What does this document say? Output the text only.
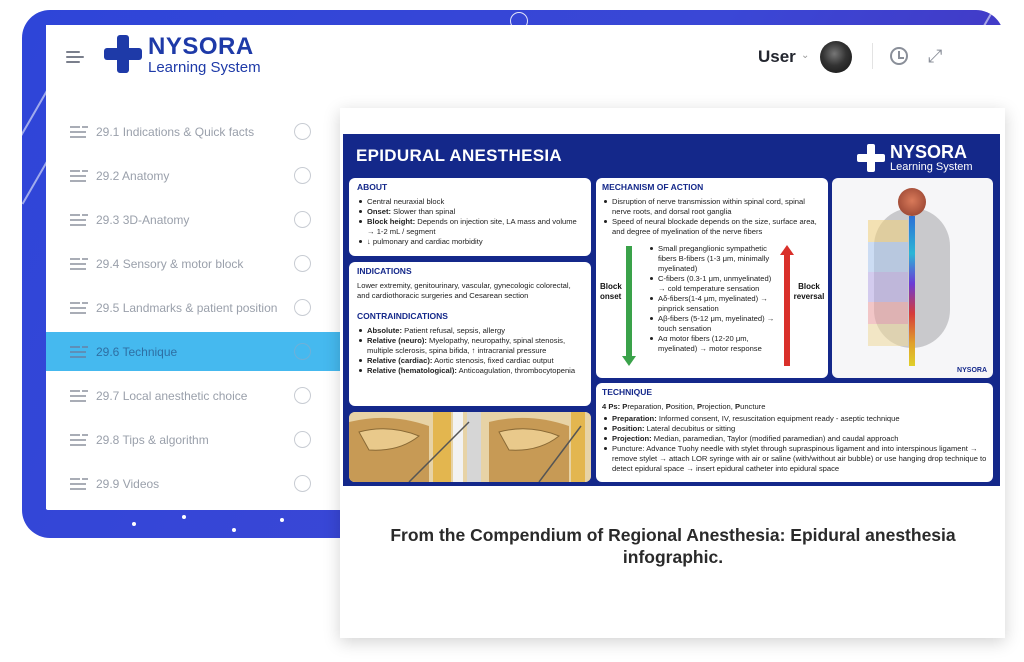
NYSORA
Learning System
User ⌄	⤢
29.1 Indications & Quick facts
29.2 Anatomy
29.3 3D-Anatomy
29.4 Sensory & motor block
29.5 Landmarks & patient position
29.6 Technique
29.7 Local anesthetic choice
29.8 Tips & algorithm
29.9 Videos
EPIDURAL ANESTHESIA	NYSORA
Learning System
ABOUT
Central neuraxial block
Onset: Slower than spinal
Block height: Depends on injection site, LA mass and volume → 1-2 mL / segment
↓ pulmonary and cardiac morbidity
INDICATIONS
Lower extremity, genitourinary, vascular, gynecologic colorectal, and cardiothoracic surgeries and Cesarean section
CONTRAINDICATIONS
Absolute: Patient refusal, sepsis, allergy
Relative (neuro): Myelopathy, neuropathy, spinal stenosis, multiple sclerosis, spina bifida, ↑ intracranial pressure
Relative (cardiac): Aortic stenosis, fixed cardiac output
Relative (hematological): Anticoagulation, thrombocytopenia
MECHANISM OF ACTION
Disruption of nerve transmission within spinal cord, spinal nerve roots, and dorsal root ganglia
Speed of neural blockade depends on the size, surface area, and degree of myelination of the nerve fibers
Block onset
Small preganglionic sympathetic fibers B-fibers (1-3 μm, minimally myelinated)
C-fibers (0.3-1 μm, unmyelinated) → cold temperature sensation
Aδ-fibers(1-4 μm, myelinated) → pinprick sensation
Aβ-fibers (5-12 μm, myelinated) → touch sensation
Aα motor fibers (12-20 μm, myelinated) → motor response
Block reversal
NYSORA
TECHNIQUE
4 Ps: Preparation, Position, Projection, Puncture
Preparation: Informed consent, IV, resuscitation equipment ready - aseptic technique
Position: Lateral decubitus or sitting
Projection: Median, paramedian, Taylor (modified paramedian) and caudal approach
Puncture: Advance Tuohy needle with stylet through supraspinous ligament and into interspinous ligament → remove stylet → attach LOR syringe with air or saline (with/without air bubble) or use hanging drop technique to detect epidural space → insert epidural catheter into epidural space
From the Compendium of Regional Anesthesia: Epidural anesthesia infographic.
